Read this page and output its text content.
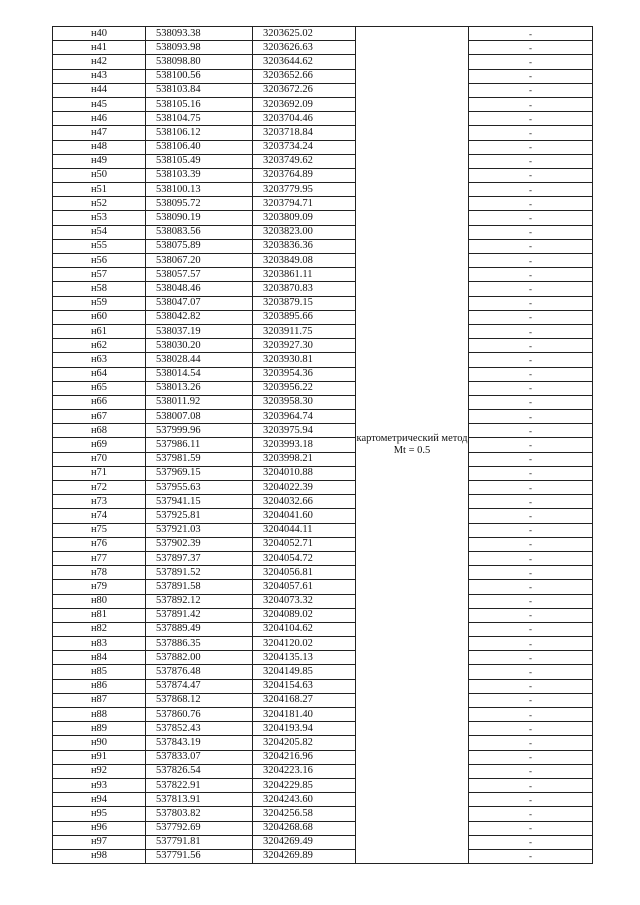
н40	538093.38	3203625.02	картометрический метод Mt = 0.5	-
н41	538093.98	3203626.63		-
н42	538098.80	3203644.62		-
н43	538100.56	3203652.66		-
н44	538103.84	3203672.26		-
н45	538105.16	3203692.09		-
н46	538104.75	3203704.46		-
н47	538106.12	3203718.84		-
н48	538106.40	3203734.24		-
н49	538105.49	3203749.62		-
н50	538103.39	3203764.89		-
н51	538100.13	3203779.95		-
н52	538095.72	3203794.71		-
н53	538090.19	3203809.09		-
н54	538083.56	3203823.00		-
н55	538075.89	3203836.36		-
н56	538067.20	3203849.08		-
н57	538057.57	3203861.11		-
н58	538048.46	3203870.83		-
н59	538047.07	3203879.15		-
н60	538042.82	3203895.66		-
н61	538037.19	3203911.75		-
н62	538030.20	3203927.30		-
н63	538028.44	3203930.81		-
н64	538014.54	3203954.36		-
н65	538013.26	3203956.22		-
н66	538011.92	3203958.30		-
н67	538007.08	3203964.74		-
н68	537999.96	3203975.94		-
н69	537986.11	3203993.18		-
н70	537981.59	3203998.21		-
н71	537969.15	3204010.88		-
н72	537955.63	3204022.39		-
н73	537941.15	3204032.66		-
н74	537925.81	3204041.60		-
н75	537921.03	3204044.11		-
н76	537902.39	3204052.71		-
н77	537897.37	3204054.72		-
н78	537891.52	3204056.81		-
н79	537891.58	3204057.61		-
н80	537892.12	3204073.32		-
н81	537891.42	3204089.02		-
н82	537889.49	3204104.62		-
н83	537886.35	3204120.02		-
н84	537882.00	3204135.13		-
н85	537876.48	3204149.85		-
н86	537874.47	3204154.63		-
н87	537868.12	3204168.27		-
н88	537860.76	3204181.40		-
н89	537852.43	3204193.94		-
н90	537843.19	3204205.82		-
н91	537833.07	3204216.96		-
н92	537826.54	3204223.16		-
н93	537822.91	3204229.85		-
н94	537813.91	3204243.60		-
н95	537803.82	3204256.58		-
н96	537792.69	3204268.68		-
н97	537791.81	3204269.49		-
н98	537791.56	3204269.89		-
